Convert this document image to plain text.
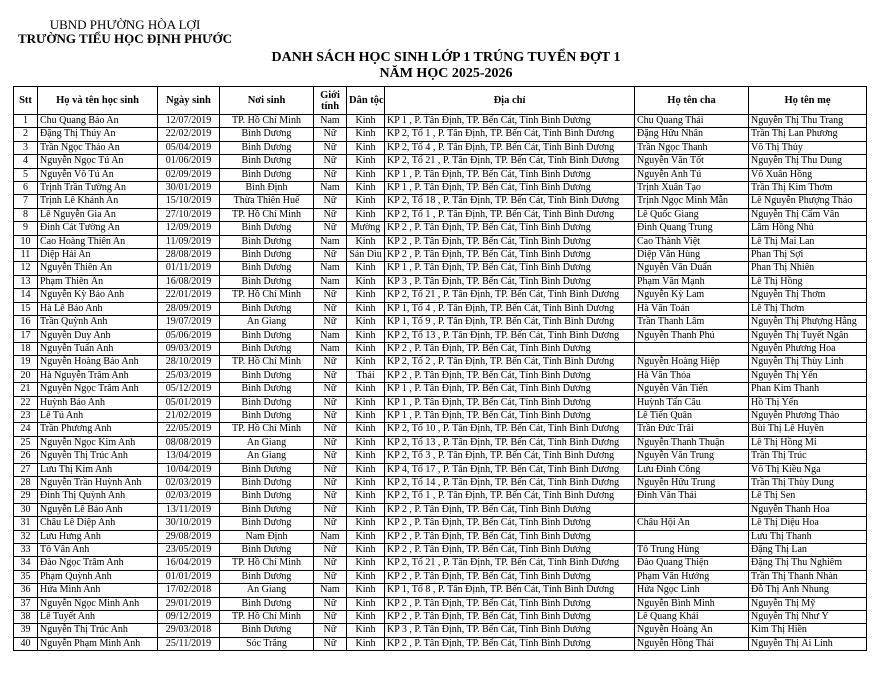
UBND PHƯỜNG HÒA LỢI
TRƯỜNG TIỂU HỌC ĐỊNH PHƯỚC
DANH SÁCH HỌC SINH LỚP 1 TRÚNG TUYỂN ĐỢT 1
NĂM HỌC 2025-2026
Stt	Họ và tên học sinh	Ngày sinh	Nơi sinh	Giới tính	Dân tộc	Địa chỉ	Họ tên cha	Họ tên mẹ
1	Chu Quang Bảo An	12/07/2019	TP. Hồ Chí Minh	Nam	Kinh	KP 1 , P. Tân Định, TP. Bến Cát, Tỉnh Bình Dương	Chu Quang Thái	Nguyễn Thị Thu Trang
2	Đặng Thị Thúy An	22/02/2019	Bình Dương	Nữ	Kinh	KP 2, Tổ 1 , P. Tân Định, TP. Bến Cát, Tỉnh Bình Dương	Đặng Hữu Nhân	Trần Thị Lan Phương
3	Trần Ngọc Thảo An	05/04/2019	Bình Dương	Nữ	Kinh	KP 2, Tổ 4 , P. Tân Định, TP. Bến Cát, Tỉnh Bình Dương	Trần Ngọc Thanh	Võ Thị Thủy
4	Nguyễn Ngọc Tú An	01/06/2019	Bình Dương	Nữ	Kinh	KP 2, Tổ 21 , P. Tân Định, TP. Bến Cát, Tỉnh Bình Dương	Nguyễn Văn Tốt	Nguyễn Thị Thu Dung
5	Nguyễn Võ Tú An	02/09/2019	Bình Dương	Nữ	Kinh	KP 1 , P. Tân Định, TP. Bến Cát, Tỉnh Bình Dương	Nguyễn Anh Tú	Võ Xuân Hồng
6	Trịnh Trần Tường An	30/01/2019	Bình Định	Nam	Kinh	KP 1 , P. Tân Định, TP. Bến Cát, Tỉnh Bình Dương	Trịnh Xuân Tạo	Trần Thị Kim Thơm
7	Trịnh Lê Khánh An	15/10/2019	Thừa Thiên Huế	Nữ	Kinh	KP 2, Tổ 18 , P. Tân Định, TP. Bến Cát, Tỉnh Bình Dương	Trịnh Ngọc Minh Mẫn	Lê Nguyễn Phượng Thảo
8	Lê Nguyễn Gia An	27/10/2019	TP. Hồ Chí Minh	Nữ	Kinh	KP 2, Tổ 1 , P. Tân Định, TP. Bến Cát, Tỉnh Bình Dương	Lê Quốc Giang	Nguyễn Thị Cẩm Vân
9	Đinh Cát Tường An	12/09/2019	Bình Dương	Nữ	Mường	KP 2 , P. Tân Định, TP. Bến Cát, Tỉnh Bình Dương	Đinh Quang Trung	Lâm Hồng Nhủ
10	Cao Hoàng Thiên An	11/09/2019	Bình Dương	Nam	Kinh	KP 2 , P. Tân Định, TP. Bến Cát, Tỉnh Bình Dương	Cao Thành Việt	Lê Thị Mai Lan
11	Diệp Hải An	28/08/2019	Bình Dương	Nữ	Sán Dìu	KP 2 , P. Tân Định, TP. Bến Cát, Tỉnh Bình Dương	Diệp Văn Hùng	Phan Thị Sợi
12	Nguyễn Thiên Ân	01/11/2019	Bình Dương	Nam	Kinh	KP 1 , P. Tân Định, TP. Bến Cát, Tỉnh Bình Dương	Nguyễn Văn Duẩn	Phan Thị Nhiên
13	Phạm Thiên Ân	16/08/2019	Bình Dương	Nam	Kinh	KP 3 , P. Tân Định, TP. Bến Cát, Tỉnh Bình Dương	Phạm Văn Mạnh	Lê Thị Hồng
14	Nguyễn Kỳ Bảo Anh	22/01/2019	TP. Hồ Chí Minh	Nữ	Kinh	KP 2, Tổ 21 , P. Tân Định, TP. Bến Cát, Tỉnh Bình Dương	Nguyễn Kỳ Lam	Nguyễn Thị Thơm
15	Hà Lê Bảo Anh	28/09/2019	Bình Dương	Nữ	Kinh	KP 1, Tổ 4 , P. Tân Định, TP. Bến Cát, Tỉnh Bình Dương	Hà Văn Toản	Lê Thị Thơm
16	Trần Quỳnh Anh	19/07/2019	An Giang	Nữ	Kinh	KP 1, Tổ 9 , P. Tân Định, TP. Bến Cát, Tỉnh Bình Dương	Trần Thanh Lâm	Nguyễn Thị Phượng Hằng
17	Nguyễn Duy Anh	05/06/2019	Bình Dương	Nam	Kinh	KP 2, Tổ 13 , P. Tân Định, TP. Bến Cát, Tỉnh Bình Dương	Nguyễn Thanh Phú	Nguyễn Thị Tuyết Ngân
18	Nguyễn Tuấn Anh	09/03/2019	Bình Dương	Nam	Kinh	KP 2 , P. Tân Định, TP. Bến Cát, Tỉnh Bình Dương		Nguyễn Phương Hoa
19	Nguyễn Hoàng Bảo Anh	28/10/2019	TP. Hồ Chí Minh	Nữ	Kinh	KP 2, Tổ 2 , P. Tân Định, TP. Bến Cát, Tỉnh Bình Dương	Nguyễn Hoàng Hiệp	Nguyễn Thị Thùy Linh
20	Hà Nguyễn Trâm Anh	25/03/2019	Bình Dương	Nữ	Thái	KP 2 , P. Tân Định, TP. Bến Cát, Tỉnh Bình Dương	Hà Văn Thỏa	Nguyễn Thị Yến
21	Nguyễn Ngọc Trâm Anh	05/12/2019	Bình Dương	Nữ	Kinh	KP 1 , P. Tân Định, TP. Bến Cát, Tỉnh Bình Dương	Nguyễn Văn Tiến	Phan Kim Thanh
22	Huỳnh Bảo Anh	05/01/2019	Bình Dương	Nữ	Kinh	KP 1 , P. Tân Định, TP. Bến Cát, Tỉnh Bình Dương	Huỳnh Tấn Câu	Hồ Thị Yến
23	Lê Tú Anh	21/02/2019	Bình Dương	Nữ	Kinh	KP 1 , P. Tân Định, TP. Bến Cát, Tỉnh Bình Dương	Lê Tiến Quân	Nguyễn Phương Thảo
24	Trần Phương Anh	22/05/2019	TP. Hồ Chí Minh	Nữ	Kinh	KP 2, Tổ 10 , P. Tân Định, TP. Bến Cát, Tỉnh Bình Dương	Trần Đức Trãi	Bùi Thị Lê Huyền
25	Nguyễn Ngọc Kim Anh	08/08/2019	An Giang	Nữ	Kinh	KP 2, Tổ 13 , P. Tân Định, TP. Bến Cát, Tỉnh Bình Dương	Nguyễn Thanh Thuận	Lê Thị Hồng Mỉ
26	Nguyễn Thị Trúc Anh	13/04/2019	An Giang	Nữ	Kinh	KP 2, Tổ 3 , P. Tân Định, TP. Bến Cát, Tỉnh Bình Dương	Nguyễn Văn Trung	Trần Thị Trúc
27	Lưu Thị Kim Anh	10/04/2019	Bình Dương	Nữ	Kinh	KP 4, Tổ 17 , P. Tân Định, TP. Bến Cát, Tỉnh Bình Dương	Lưu Đình Công	Võ Thị Kiều Nga
28	Nguyễn Trần Huỳnh Anh	02/03/2019	Bình Dương	Nữ	Kinh	KP 2, Tổ 14 , P. Tân Định, TP. Bến Cát, Tỉnh Bình Dương	Nguyễn Hữu Trung	Trần Thị Thùy Dung
29	Đinh Thị Quỳnh Anh	02/03/2019	Bình Dương	Nữ	Kinh	KP 2, Tổ 1 , P. Tân Định, TP. Bến Cát, Tỉnh Bình Dương	Đinh Văn Thái	Lê Thị Sen
30	Nguyễn Lê Bảo Anh	13/11/2019	Bình Dương	Nữ	Kinh	KP 2 , P. Tân Định, TP. Bến Cát, Tỉnh Bình Dương		Nguyễn Thanh Hoa
31	Châu Lê Diệp Anh	30/10/2019	Bình Dương	Nữ	Kinh	KP 2 , P. Tân Định, TP. Bến Cát, Tỉnh Bình Dương	Châu Hội An	Lê Thị Diệu Hoa
32	Lưu Hưng Anh	29/08/2019	Nam Định	Nam	Kinh	KP 2 , P. Tân Định, TP. Bến Cát, Tỉnh Bình Dương		Lưu Thị Thanh
33	Tô Vân Anh	23/05/2019	Bình Dương	Nữ	Kinh	KP 2 , P. Tân Định, TP. Bến Cát, Tỉnh Bình Dương	Tô Trung Hùng	Đặng Thị Lan
34	Đào Ngọc Trâm Anh	16/04/2019	TP. Hồ Chí Minh	Nữ	Kinh	KP 2, Tổ 21 , P. Tân Định, TP. Bến Cát, Tỉnh Bình Dương	Đào Quang Thiện	Đặng Thị Thu Nghiêm
35	Phạm Quỳnh Anh	01/01/2019	Bình Dương	Nữ	Kinh	KP 2 , P. Tân Định, TP. Bến Cát, Tỉnh Bình Dương	Phạm Văn Hướng	Trần Thị Thanh Nhàn
36	Hứa Minh Anh	17/02/2018	An Giang	Nam	Kinh	KP 1, Tổ 8 , P. Tân Định, TP. Bến Cát, Tỉnh Bình Dương	Hứa Ngọc Linh	Đỗ Thị Ánh Nhung
37	Nguyễn Ngọc Minh Anh	29/01/2019	Bình Dương	Nữ	Kinh	KP 2 , P. Tân Định, TP. Bến Cát, Tỉnh Bình Dương	Nguyễn Bình Minh	Nguyễn Thị Mỹ
38	Lê Tuyết Anh	09/12/2019	TP. Hồ Chí Minh	Nữ	Kinh	KP 2 , P. Tân Định, TP. Bến Cát, Tỉnh Bình Dương	Lê Quang Khải	Nguyễn Thị Như Ý
39	Nguyễn Thị Trúc Anh	29/03/2018	Bình Dương	Nữ	Kinh	KP 3 , P. Tân Định, TP. Bến Cát, Tỉnh Bình Dương	Nguyễn Hoàng Ân	Kim Thị Hiền
40	Nguyễn Phạm Minh Anh	25/11/2019	Sóc Trăng	Nữ	Kinh	KP 2 , P. Tân Định, TP. Bến Cát, Tỉnh Bình Dương	Nguyễn Hồng Thái	Nguyễn Thị Ái Linh
